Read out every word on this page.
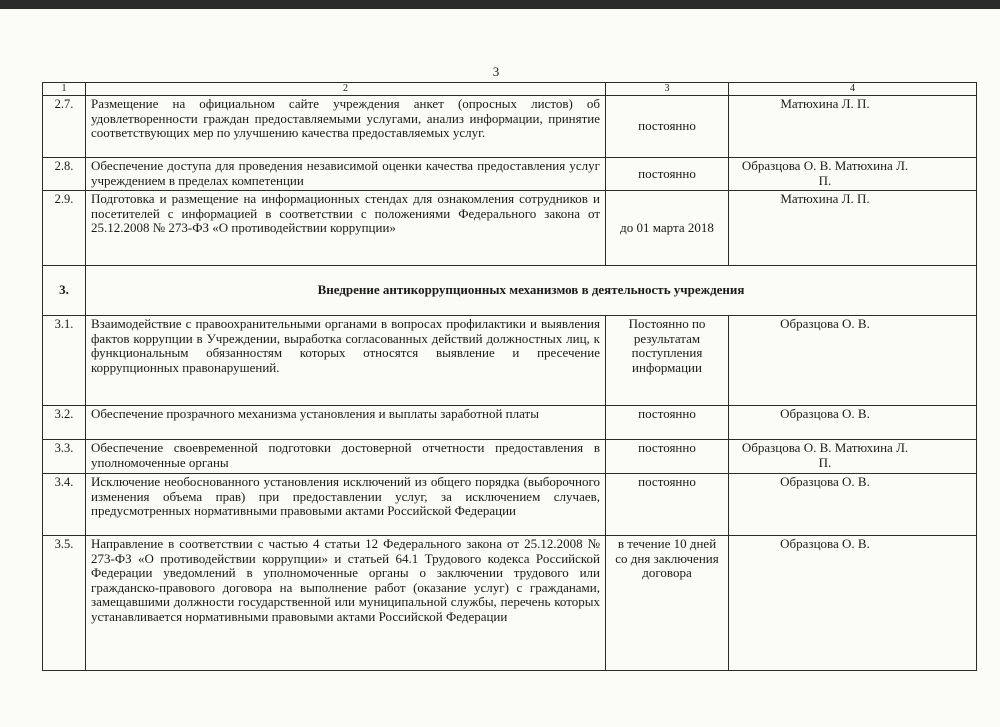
3
1	2	3	4
2.7.	Размещение на официальном сайте учреждения анкет (опросных листов) об удовлетворенности граждан предоставляемыми услугами, анализ информации, принятие соответствующих мер по улучшению качества предоставляемых услуг.	постоянно	Матюхина Л. П.
2.8.	Обеспечение доступа для проведения независимой оценки качества предоставления услуг учреждением в пределах компетенции	постоянно	Образцова О. В. Матюхина Л. П.
2.9.	Подготовка и размещение на информационных стендах для ознакомления сотрудников и посетителей с информацией в соответствии с положениями Федерального закона от 25.12.2008 № 273-ФЗ «О противодействии коррупции»	до 01 марта 2018	Матюхина Л. П.
3.	Внедрение антикоррупционных механизмов в деятельность учреждения		
3.1.	Взаимодействие с правоохранительными органами в вопросах профилактики и выявления фактов коррупции в Учреждении, выработка согласованных действий должностных лиц, к функциональным обязанностям которых относятся выявление и пресечение коррупционных правонарушений.	Постоянно по результатам поступления информации	Образцова О. В.
3.2.	Обеспечение прозрачного механизма установления и выплаты заработной платы	постоянно	Образцова О. В.
3.3.	Обеспечение своевременной подготовки достоверной отчетности предоставления в уполномоченные органы	постоянно	Образцова О. В. Матюхина Л. П.
3.4.	Исключение необоснованного установления исключений из общего порядка (выборочного изменения объема прав) при предоставлении услуг, за исключением случаев, предусмотренных нормативными правовыми актами Российской Федерации	постоянно	Образцова О. В.
3.5.	Направление в соответствии с частью 4 статьи 12 Федерального закона от 25.12.2008 № 273-ФЗ «О противодействии коррупции» и статьей 64.1 Трудового кодекса Российской Федерации уведомлений в уполномоченные органы о заключении трудового или гражданско-правового договора на выполнение работ (оказание услуг) с гражданами, замещавшими должности государственной или муниципальной службы, перечень которых устанавливается нормативными правовыми актами Российской Федерации	в течение 10 дней со дня заключения договора	Образцова О. В.
